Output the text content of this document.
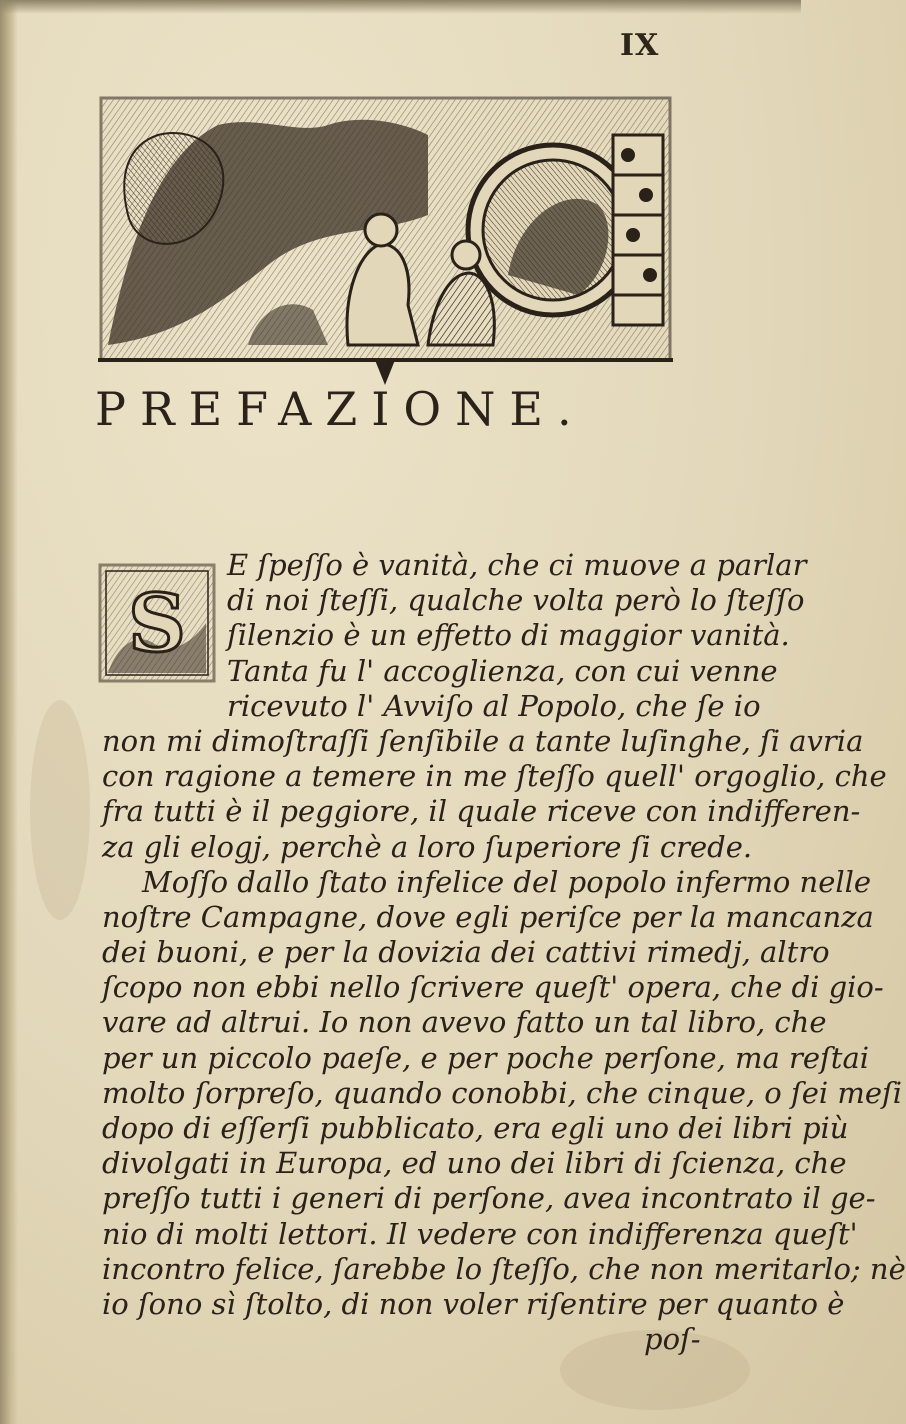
IX
PREFAZIONE.
S
E ſpeſſo è vanità, che ci muove a parlar
di noi ſteſſi, qualche volta però lo ſteſſo
ſilenzio è un effetto di maggior vanità.
Tanta fu l' accoglienza, con cui venne
ricevuto l' Avviſo al Popolo, che ſe io
non mi dimoſtraſſi ſenſibile a tante luſinghe, ſi avria
con ragione a temere in me ſteſſo quell' orgoglio, che
fra tutti è il peggiore, il quale riceve con indifferen-
za gli elogj, perchè a loro ſuperiore ſi crede.
Moſſo dallo ſtato infelice del popolo infermo nelle
noſtre Campagne, dove egli periſce per la mancanza
dei buoni, e per la dovizia dei cattivi rimedj, altro
ſcopo non ebbi nello ſcrivere queſt' opera, che di gio-
vare ad altrui. Io non avevo fatto un tal libro, che
per un piccolo paeſe, e per poche perſone, ma reſtai
molto ſorpreſo, quando conobbi, che cinque, o ſei meſi
dopo di eſſerſi pubblicato, era egli uno dei libri più
divolgati in Europa, ed uno dei libri di ſcienza, che
preſſo tutti i generi di perſone, avea incontrato il ge-
nio di molti lettori. Il vedere con indifferenza queſt'
incontro felice, ſarebbe lo ſteſſo, che non meritarlo; nè
io ſono sì ſtolto, di non voler riſentire per quanto è
poſ-
